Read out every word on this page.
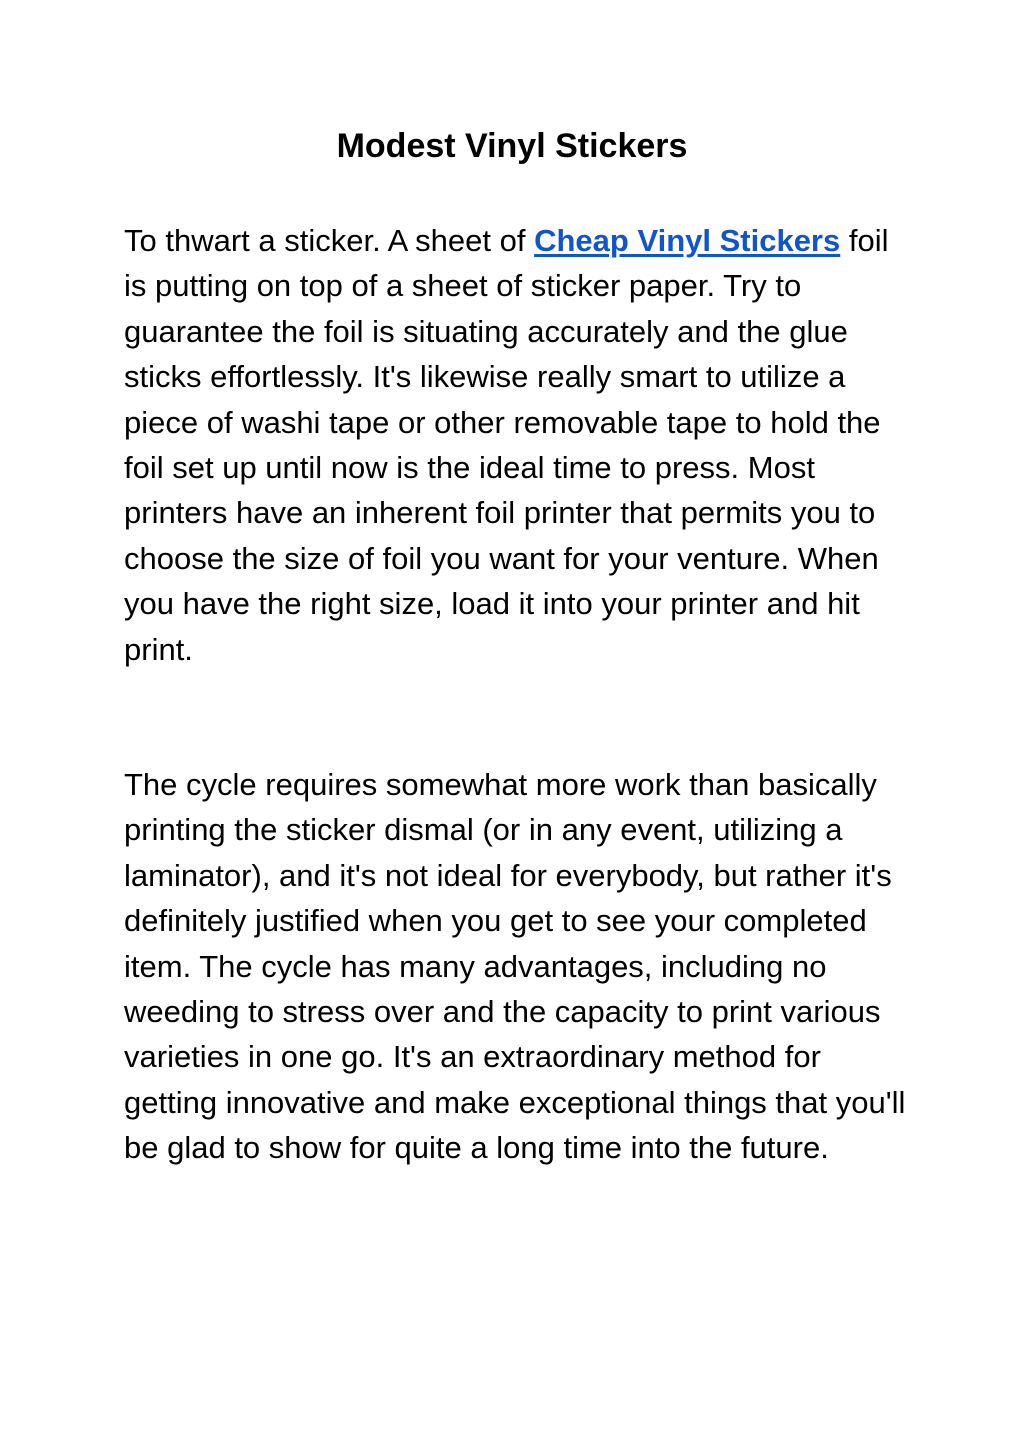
Modest Vinyl Stickers

To thwart a sticker. A sheet of Cheap Vinyl Stickers foil is putting on top of a sheet of sticker paper. Try to guarantee the foil is situating accurately and the glue sticks effortlessly. It's likewise really smart to utilize a piece of washi tape or other removable tape to hold the foil set up until now is the ideal time to press. Most printers have an inherent foil printer that permits you to choose the size of foil you want for your venture. When you have the right size, load it into your printer and hit print.

The cycle requires somewhat more work than basically printing the sticker dismal (or in any event, utilizing a laminator), and it's not ideal for everybody, but rather it's definitely justified when you get to see your completed item. The cycle has many advantages, including no weeding to stress over and the capacity to print various varieties in one go. It's an extraordinary method for getting innovative and make exceptional things that you'll be glad to show for quite a long time into the future.
